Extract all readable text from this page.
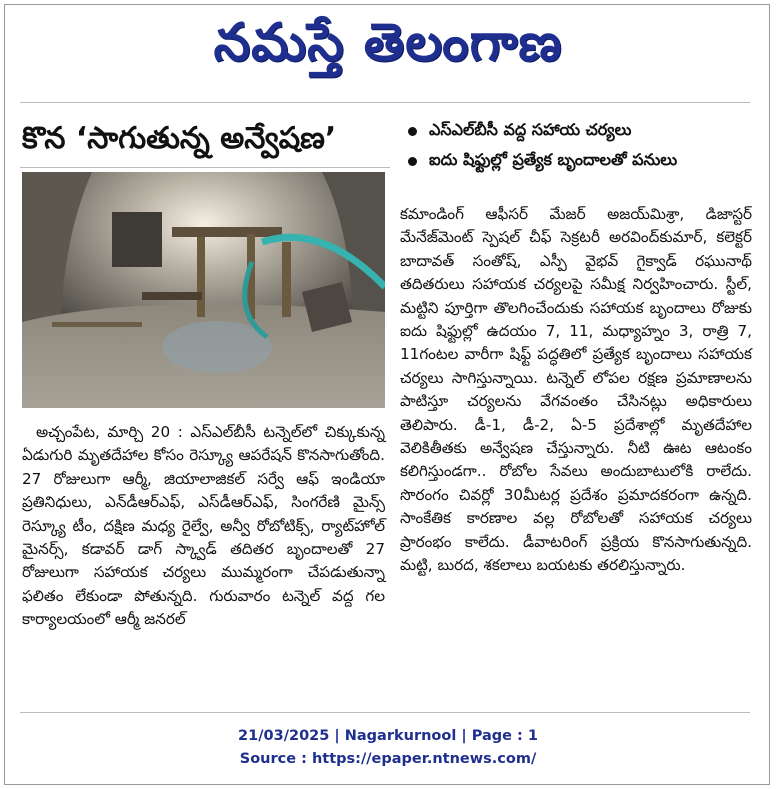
నమస్తే తెలంగాణ
కొన ‘సాగుతున్న అన్వేషణ’	ఎస్‌ఎల్‌బీసీ వద్ద సహాయ చర్యలు
ఐదు షిఫ్టుల్లో ప్రత్యేక బృందాలతో పనులు
అచ్చంపేట, మార్చి 20 : ఎస్‌ఎల్‌బీసీ టన్నెల్‌లో చిక్కుకున్న ఏడుగురి మృతదేహాల కోసం రెస్క్యూ ఆపరేషన్ కొనసాగుతోంది. 27 రోజులుగా ఆర్మీ, జియాలాజికల్ సర్వే ఆఫ్ ఇండియా ప్రతినిధులు, ఎన్‌డీఆర్‌ఎఫ్, ఎస్‌డీఆర్‌ఎఫ్, సింగరేణి మైన్స్ రెస్క్యూ టీం, దక్షిణ మధ్య రైల్వే, అన్వీ రోబోటిక్స్, ర్యాట్‌హోల్ మైనర్స్, కడావర్ డాగ్ స్క్వాడ్ తదితర బృందాలతో 27 రోజులుగా సహాయక చర్యలు ముమ్మరంగా చేపడుతున్నా ఫలితం లేకుండా పోతున్నది. గురువారం టన్నెల్ వద్ద గల కార్యాలయంలో ఆర్మీ జనరల్
కమాండింగ్ ఆఫీసర్ మేజర్ అజయ్‌మిశ్రా, డిజాస్టర్ మేనేజ్‌మెంట్ స్పెషల్ చీఫ్ సెక్రటరీ అరవింద్‌కుమార్, కలెక్టర్ బాదావత్ సంతోష్, ఎస్పీ వైభవ్ గైక్వాడ్ రఘునాథ్ తదితరులు సహాయక చర్యలపై సమీక్ష నిర్వహించారు. స్టీల్, మట్టిని పూర్తిగా తొలగించేందుకు సహాయక బృందాలు రోజుకు ఐదు షిఫ్టుల్లో ఉదయం 7, 11, మధ్యాహ్నం 3, రాత్రి 7, 11గంటల వారీగా షిఫ్ట్ పద్ధతిలో ప్రత్యేక బృందాలు సహాయక చర్యలు సాగిస్తున్నాయి. టన్నెల్ లోపల రక్షణ ప్రమాణాలను పాటిస్తూ చర్యలను వేగవంతం చేసినట్లు అధికారులు తెలిపారు. డీ-1, డీ-2, ఏ-5 ప్రదేశాల్లో మృతదేహాల వెలికితీతకు అన్వేషణ చేస్తున్నారు. నీటి ఊట ఆటంకం కలిగిస్తుండగా.. రోబోల సేవలు అందుబాటులోకి రాలేదు. సొరంగం చివర్లో 30మీటర్ల ప్రదేశం ప్రమాదకరంగా ఉన్నది. సాంకేతిక కారణాల వల్ల రోబోలతో సహాయక చర్యలు ప్రారంభం కాలేదు. డీవాటరింగ్ ప్రక్రియ కొనసాగుతున్నది. మట్టి, బురద, శకలాలు బయటకు తరలిస్తున్నారు.
21/03/2025 | Nagarkurnool | Page : 1
Source : https://epaper.ntnews.com/
